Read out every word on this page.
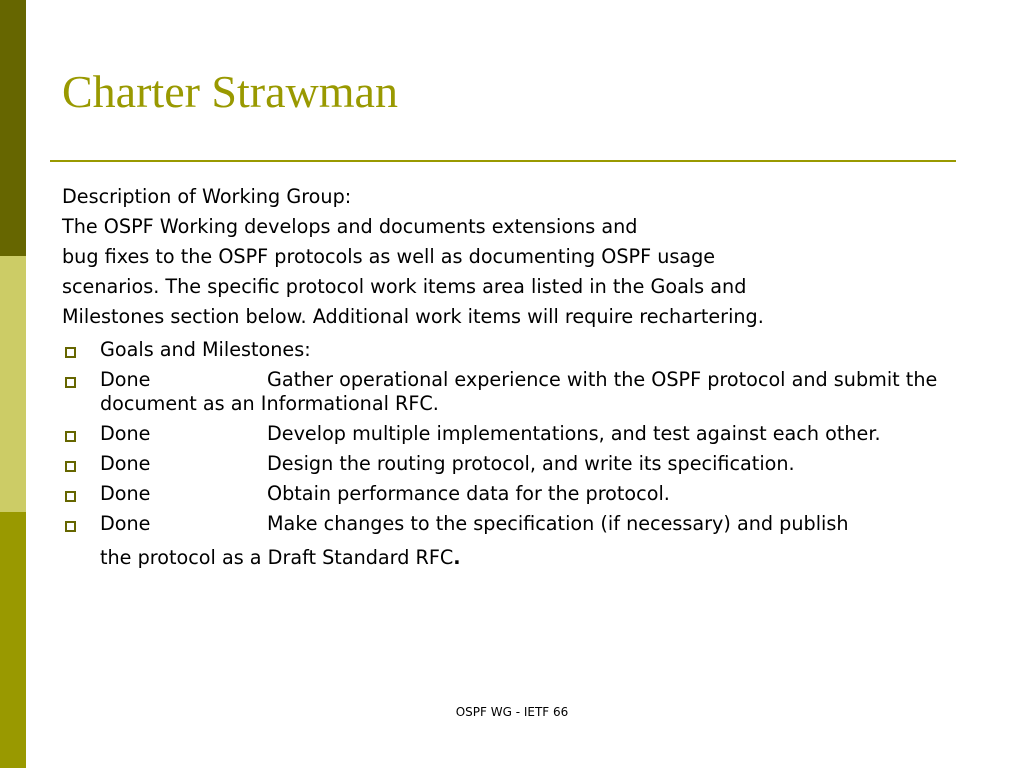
Charter Strawman
Description of Working Group:
The OSPF Working develops and documents extensions and
bug fixes to the OSPF protocols as well as documenting OSPF usage
scenarios. The specific protocol work items area listed in the Goals and
Milestones section below. Additional work items will require rechartering.
Goals and Milestones:
Done	Gather operational experience with the OSPF protocol and submit the document as an Informational RFC.
Done	Develop multiple implementations, and test against each other.
Done	Design the routing protocol, and write its specification.
Done	Obtain performance data for the protocol.
Done	Make changes to the specification (if necessary) and publish
the protocol as a Draft Standard RFC.
OSPF WG - IETF 66
